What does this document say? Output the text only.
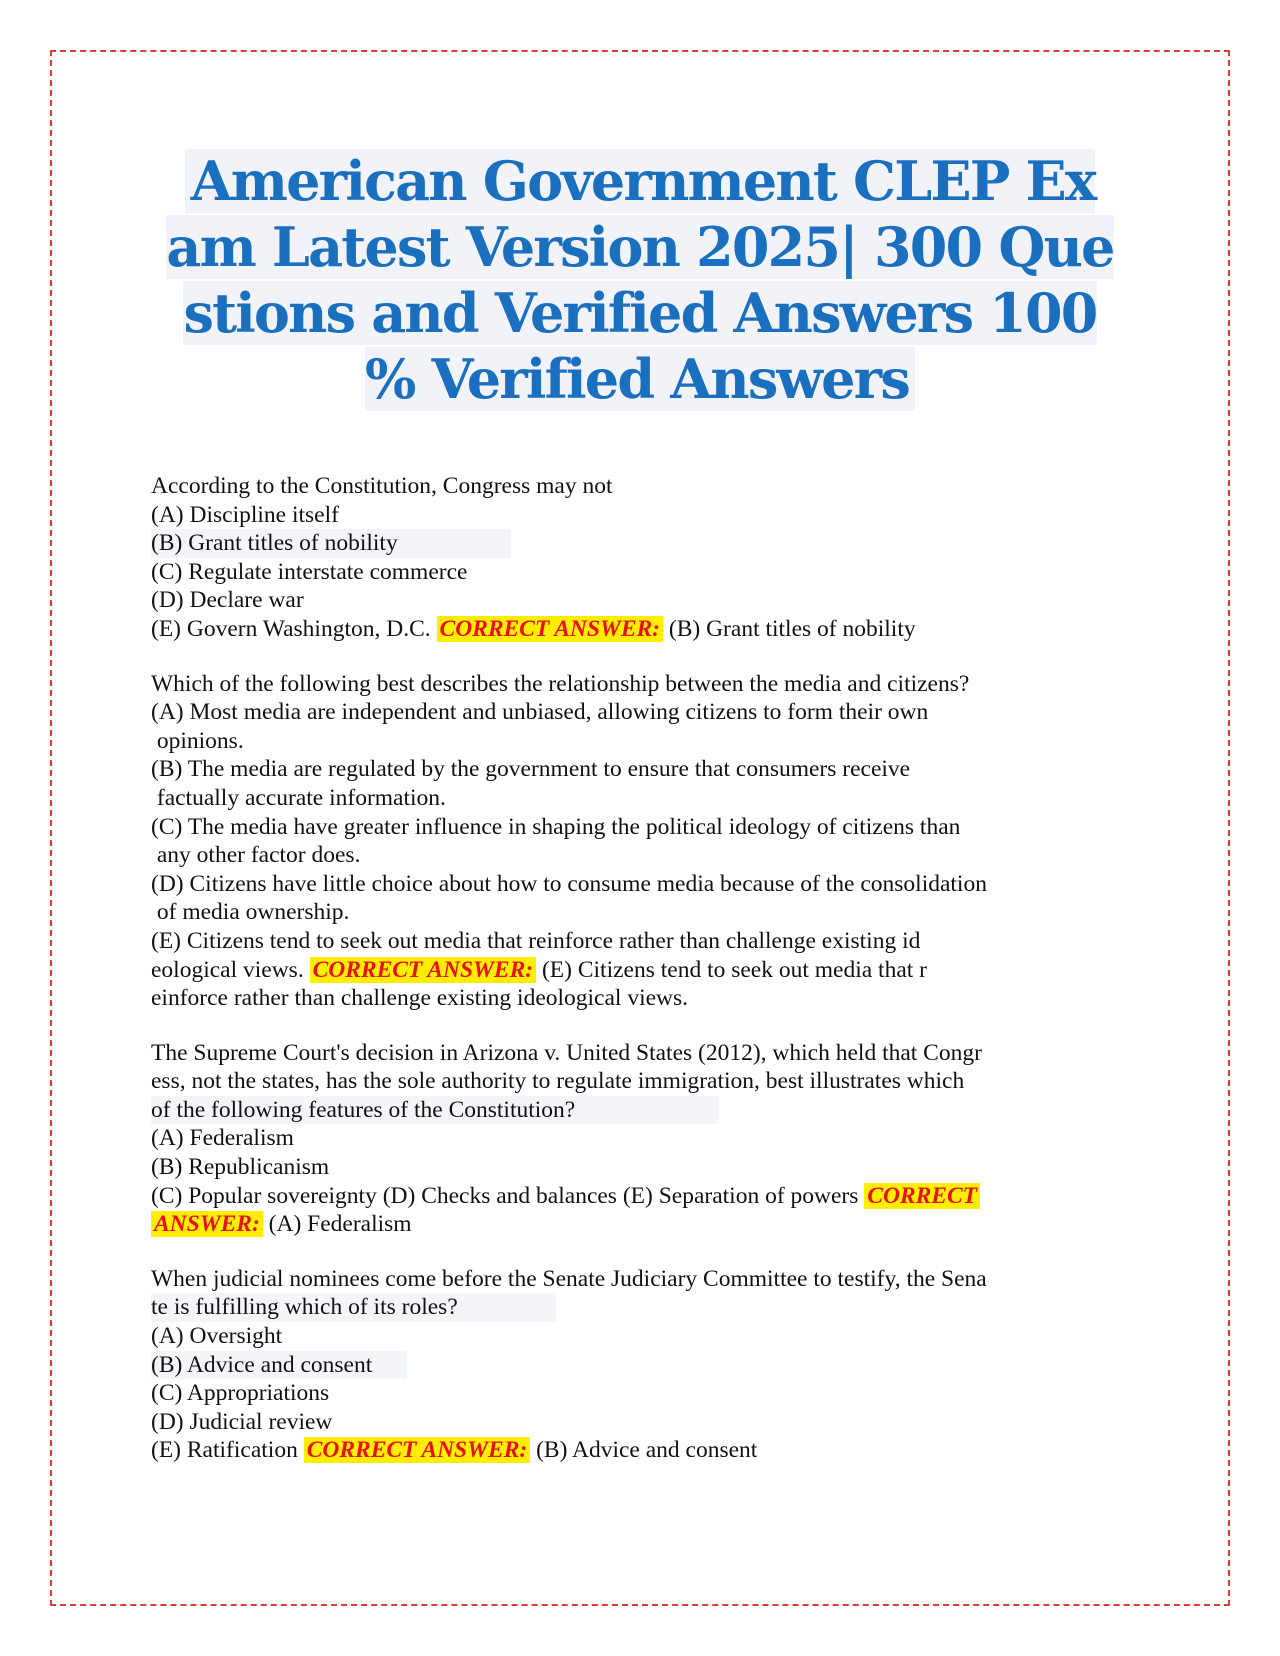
American Government CLEP Ex
am Latest Version 2025| 300 Que
stions and Verified Answers 100
% Verified Answers
According to the Constitution, Congress may not
(A) Discipline itself
(B) Grant titles of nobility
(C) Regulate interstate commerce
(D) Declare war
(E) Govern Washington, D.C. CORRECT ANSWER: (B) Grant titles of nobility
Which of the following best describes the relationship between the media and citizens?
(A) Most media are independent and unbiased, allowing citizens to form their own
opinions.
(B) The media are regulated by the government to ensure that consumers receive
factually accurate information.
(C) The media have greater influence in shaping the political ideology of citizens than
any other factor does.
(D) Citizens have little choice about how to consume media because of the consolidation
of media ownership.
(E) Citizens tend to seek out media that reinforce rather than challenge existing id
eological views. CORRECT ANSWER: (E) Citizens tend to seek out media that r
einforce rather than challenge existing ideological views.
The Supreme Court's decision in Arizona v. United States (2012), which held that Congr
ess, not the states, has the sole authority to regulate immigration, best illustrates which
of the following features of the Constitution?
(A) Federalism
(B) Republicanism
(C) Popular sovereignty (D) Checks and balances (E) Separation of powers CORRECT
ANSWER: (A) Federalism
When judicial nominees come before the Senate Judiciary Committee to testify, the Sena
te is fulfilling which of its roles?
(A) Oversight
(B) Advice and consent
(C) Appropriations
(D) Judicial review
(E) Ratification CORRECT ANSWER: (B) Advice and consent
